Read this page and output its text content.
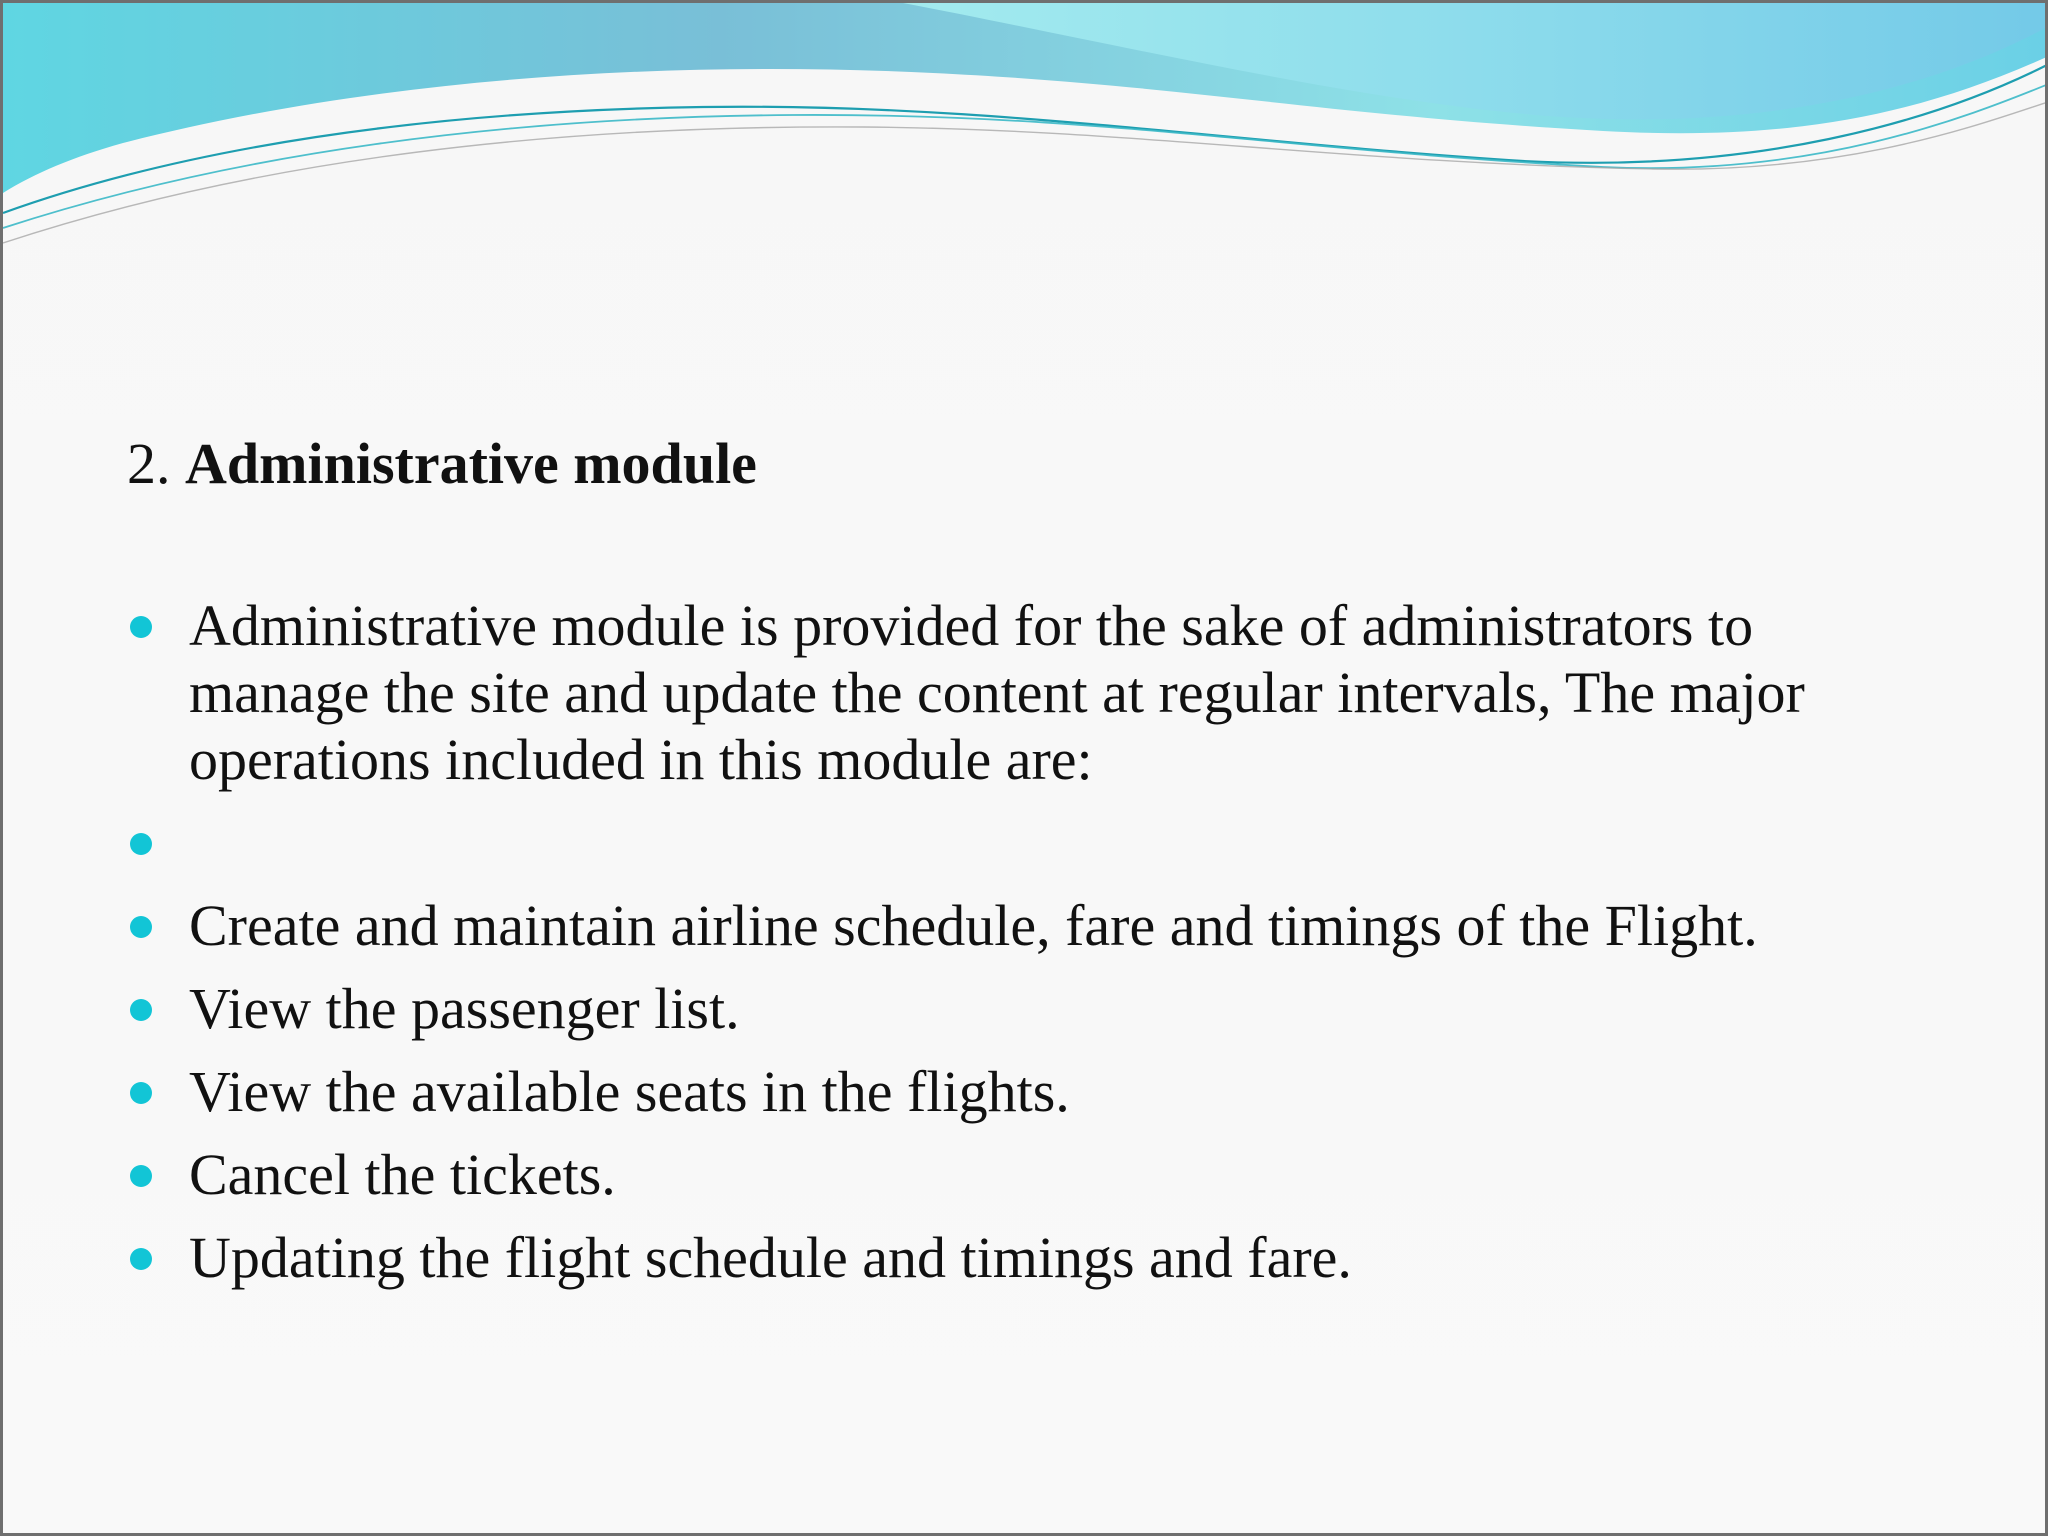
2. Administrative module
Administrative module is provided for the sake of administrators to manage the site and update the content at regular intervals, The major operations included in this module are:
Create and maintain airline schedule, fare and timings of the Flight.
View the passenger list.
View the available seats in the flights.
Cancel the tickets.
Updating the flight schedule and timings and fare.
